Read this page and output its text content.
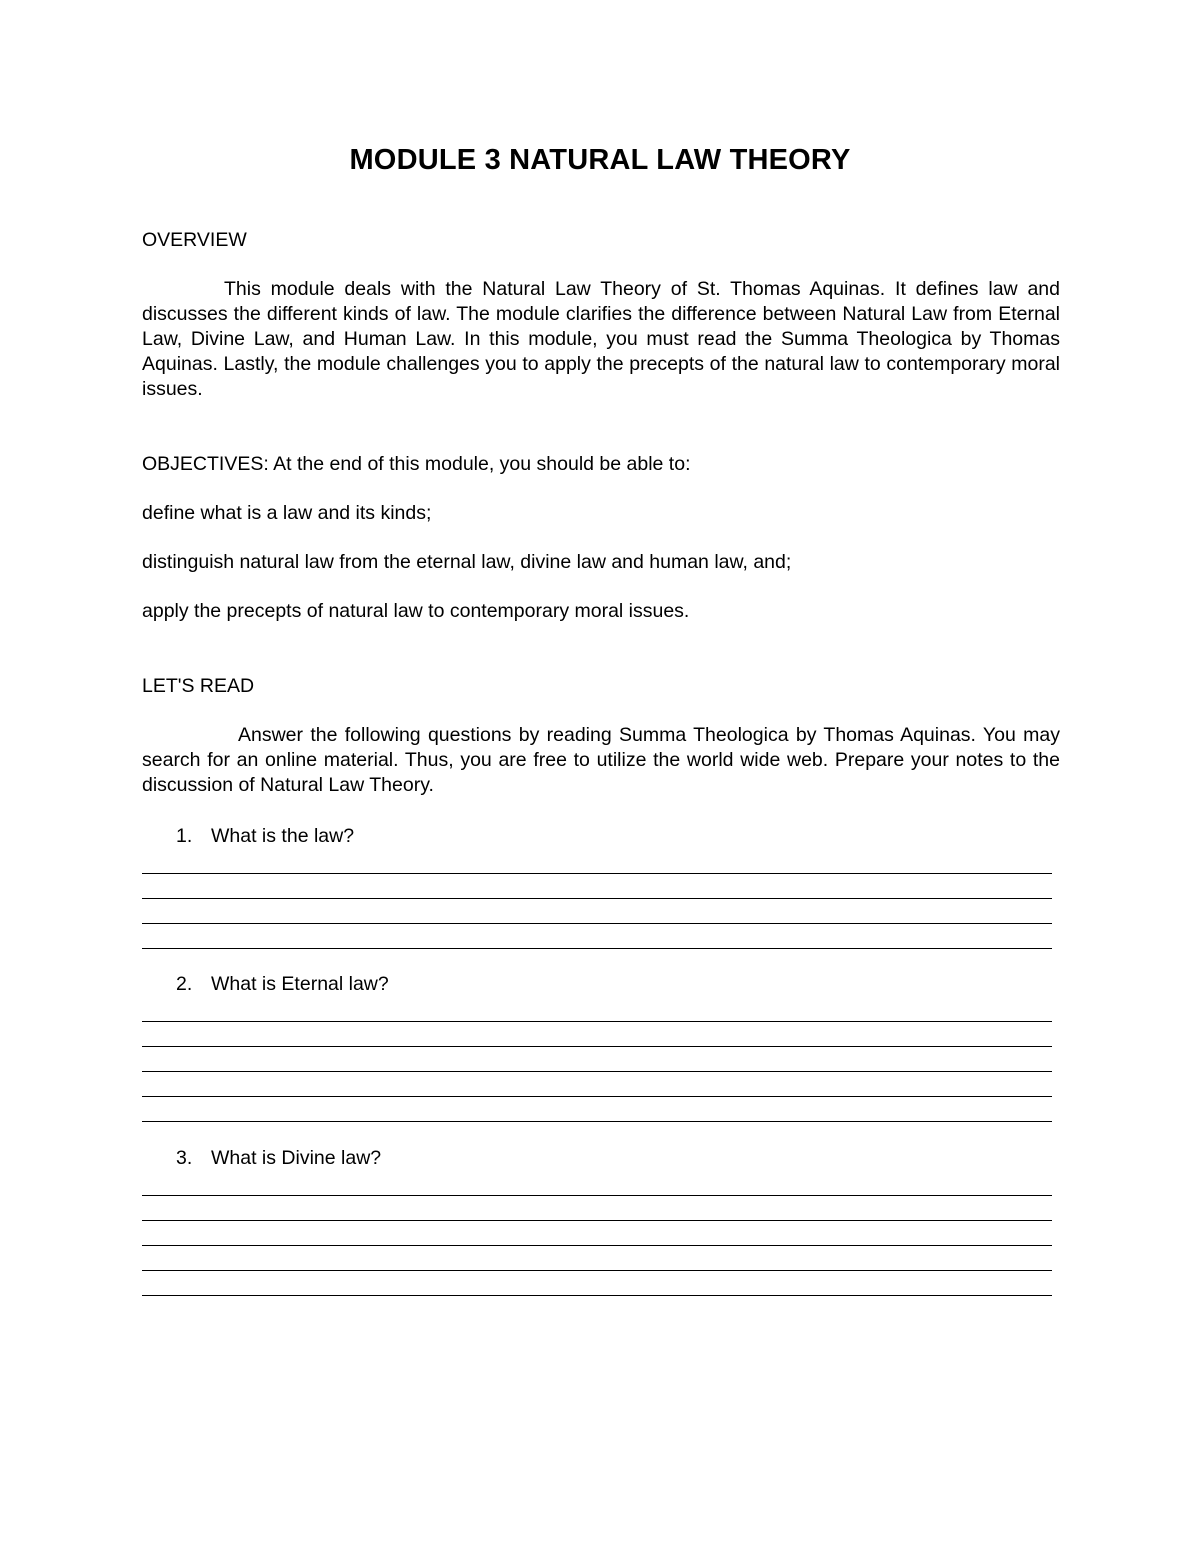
MODULE 3 NATURAL LAW THEORY
OVERVIEW

This module deals with the Natural Law Theory of St. Thomas Aquinas. It defines law and discusses the different kinds of law. The module clarifies the difference between Natural Law from Eternal Law, Divine Law, and Human Law. In this module, you must read the Summa Theologica by Thomas Aquinas. Lastly, the module challenges you to apply the precepts of the natural law to contemporary moral issues.

OBJECTIVES: At the end of this module, you should be able to:
define what is a law and its kinds;
distinguish natural law from the eternal law, divine law and human law, and;
apply the precepts of natural law to contemporary moral issues.
LET'S READ

Answer the following questions by reading Summa Theologica by Thomas Aquinas. You may search for an online material. Thus, you are free to utilize the world wide web. Prepare your notes to the discussion of Natural Law Theory.

1. What is the law?
2. What is Eternal law?
3. What is Divine law?
